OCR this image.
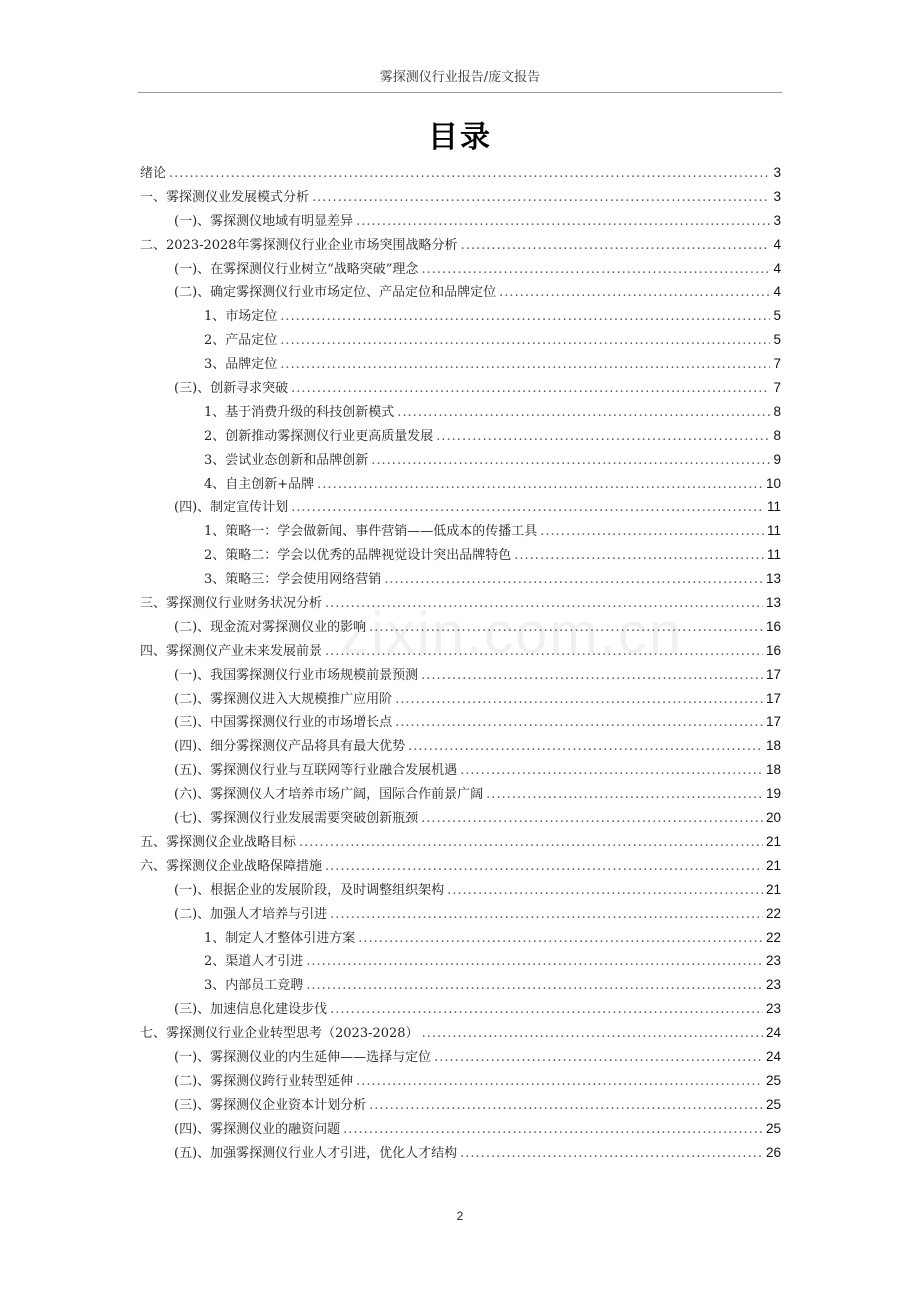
雾探测仪行业报告/庞文报告
目录
zixin.com.cn
绪论 .....	3
一、雾探测仪业发展模式分析 .....	3
(一)、雾探测仪地域有明显差异 .....	3
二、2023-2028年雾探测仪行业企业市场突围战略分析 .....	4
(一)、在雾探测仪行业树立“战略突破”理念 .....	4
(二)、确定雾探测仪行业市场定位、产品定位和品牌定位 .....	4
1、市场定位 .....	5
2、产品定位 .....	5
3、品牌定位 .....	7
(三)、创新寻求突破 .....	7
1、基于消费升级的科技创新模式 .....	8
2、创新推动雾探测仪行业更高质量发展 .....	8
3、尝试业态创新和品牌创新 .....	9
4、自主创新+品牌 .....	10
(四)、制定宣传计划 .....	11
1、策略一：学会做新闻、事件营销——低成本的传播工具 .....	11
2、策略二：学会以优秀的品牌视觉设计突出品牌特色 .....	11
3、策略三：学会使用网络营销 .....	13
三、雾探测仪行业财务状况分析 .....	13
(二)、现金流对雾探测仪业的影响 .....	16
四、雾探测仪产业未来发展前景 .....	16
(一)、我国雾探测仪行业市场规模前景预测 .....	17
(二)、雾探测仪进入大规模推广应用阶 .....	17
(三)、中国雾探测仪行业的市场增长点 .....	17
(四)、细分雾探测仪产品将具有最大优势 .....	18
(五)、雾探测仪行业与互联网等行业融合发展机遇 .....	18
(六)、雾探测仪人才培养市场广阔，国际合作前景广阔 .....	19
(七)、雾探测仪行业发展需要突破创新瓶颈 .....	20
五、雾探测仪企业战略目标 .....	21
六、雾探测仪企业战略保障措施 .....	21
(一)、根据企业的发展阶段，及时调整组织架构 .....	21
(二)、加强人才培养与引进 .....	22
1、制定人才整体引进方案 .....	22
2、渠道人才引进 .....	23
3、内部员工竞聘 .....	23
(三)、加速信息化建设步伐 .....	23
七、雾探测仪行业企业转型思考（2023-2028） .....	24
(一)、雾探测仪业的内生延伸——选择与定位 .....	24
(二)、雾探测仪跨行业转型延伸 .....	25
(三)、雾探测仪企业资本计划分析 .....	25
(四)、雾探测仪业的融资问题 .....	25
(五)、加强雾探测仪行业人才引进，优化人才结构 .....	26
2
